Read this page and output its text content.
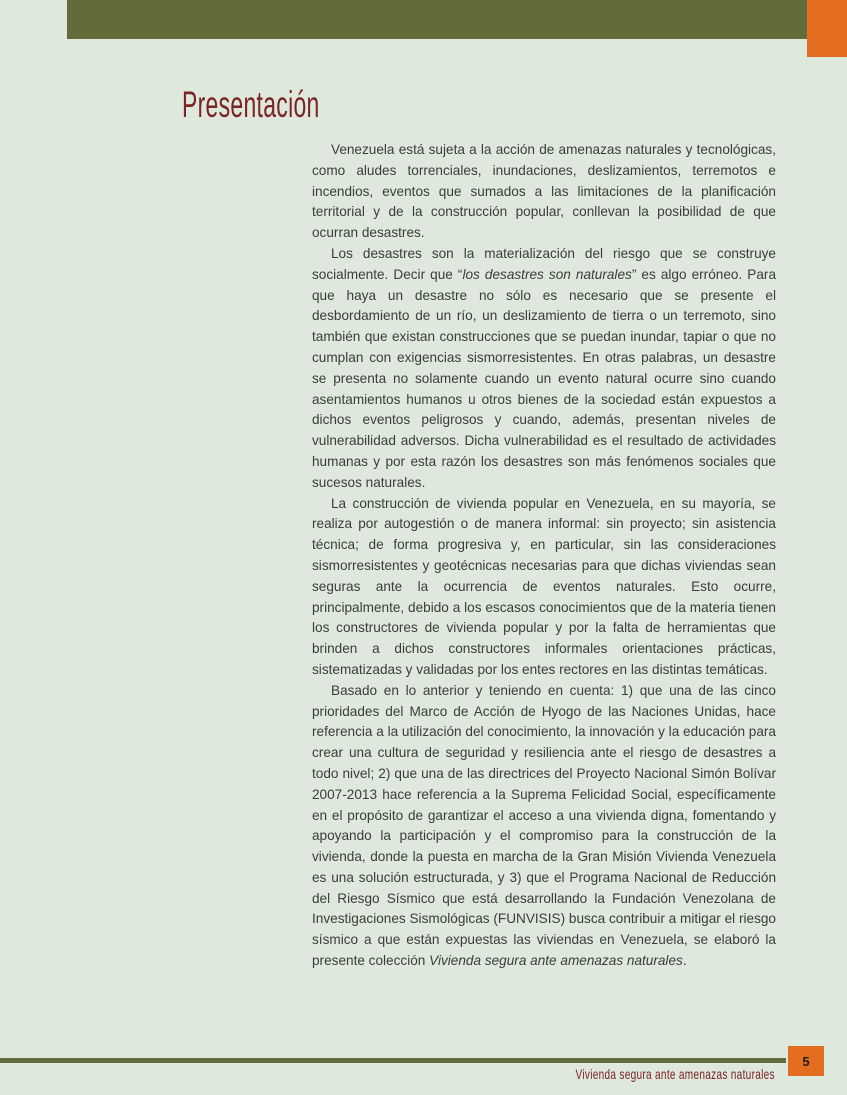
Presentación

Venezuela está sujeta a la acción de amenazas naturales y tecnológicas, como aludes torrenciales, inundaciones, deslizamientos, terremotos e incendios, eventos que sumados a las limitaciones de la planificación territorial y de la construcción popular, conllevan la posibilidad de que ocurran desastres.

Los desastres son la materialización del riesgo que se construye socialmente. Decir que “los desastres son naturales” es algo erróneo. Para que haya un desastre no sólo es necesario que se presente el desbordamiento de un río, un deslizamiento de tierra o un terremoto, sino también que existan construcciones que se puedan inundar, tapiar o que no cumplan con exigencias sismorresistentes. En otras palabras, un desastre se presenta no solamente cuando un evento natural ocurre sino cuando asentamientos humanos u otros bienes de la sociedad están expuestos a dichos eventos peligrosos y cuando, además, presentan niveles de vulnerabilidad adversos. Dicha vulnerabilidad es el resultado de actividades humanas y por esta razón los desastres son más fenómenos sociales que sucesos naturales.

La construcción de vivienda popular en Venezuela, en su mayoría, se realiza por autogestión o de manera informal: sin proyecto; sin asistencia técnica; de forma progresiva y, en particular, sin las consideraciones sismorresistentes y geotécnicas necesarias para que dichas viviendas sean seguras ante la ocurrencia de eventos naturales. Esto ocurre, principalmente, debido a los escasos conocimientos que de la materia tienen los constructores de vivienda popular y por la falta de herramientas que brinden a dichos constructores informales orientaciones prácticas, sistematizadas y validadas por los entes rectores en las distintas temáticas.

Basado en lo anterior y teniendo en cuenta: 1) que una de las cinco prioridades del Marco de Acción de Hyogo de las Naciones Unidas, hace referencia a la utilización del conocimiento, la innovación y la educación para crear una cultura de seguridad y resiliencia ante el riesgo de desastres a todo nivel; 2) que una de las directrices del Proyecto Nacional Simón Bolívar 2007-2013 hace referencia a la Suprema Felicidad Social, específicamente en el propósito de garantizar el acceso a una vivienda digna, fomentando y apoyando la participación y el compromiso para la construcción de la vivienda, donde la puesta en marcha de la Gran Misión Vivienda Venezuela es una solución estructurada, y 3) que el Programa Nacional de Reducción del Riesgo Sísmico que está desarrollando la Fundación Venezolana de Investigaciones Sismológicas (FUNVISIS) busca contribuir a mitigar el riesgo sísmico a que están expuestas las viviendas en Venezuela, se elaboró la presente colección Vivienda segura ante amenazas naturales.

Vivienda segura ante amenazas naturales
5
